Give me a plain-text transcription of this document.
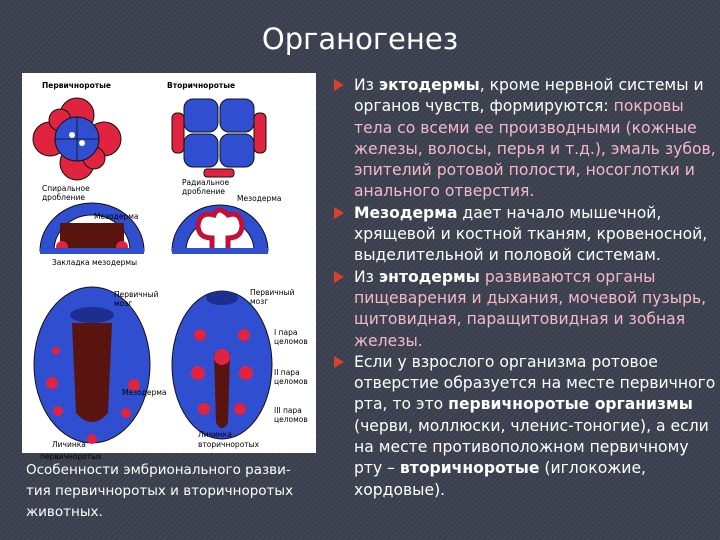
Органогенез
Первичноротые	Вторичноротые
Спиральное
дробление
Радиальное
дробление
Мезодерма
Мезодерма
Закладка мезодермы
Первичный
мозг
Мезодерма
Первичный
мозг
I пара
целомов
II пара
целомов
III пара
целомов
Личинка
Личинка
вторичноротых
первичноротых
Особенности эмбрионального разви-
тия первичноротых и вторичноротых
животных.
Из эктодермы, кроме нервной системы и органов чувств, формируются: покровы тела со всеми ее производными (кожные железы, волосы, перья и т.д.), эмаль зубов, эпителий ротовой полости, носоглотки и анального отверстия.
Мезодерма дает начало мышечной, хрящевой и костной тканям, кровеносной, выделительной и половой системам.
Из энтодермы развиваются органы пищеварения и дыхания, мочевой пузырь, щитовидная, паращитовидная и зобная железы.
Если у взрослого организма ротовое отверстие образуется на месте первичного рта, то это первичноротые организмы (черви, моллюски, членис-тоногие), а если на месте противоположном первичному рту – вторичноротые (иглокожие, хордовые).
